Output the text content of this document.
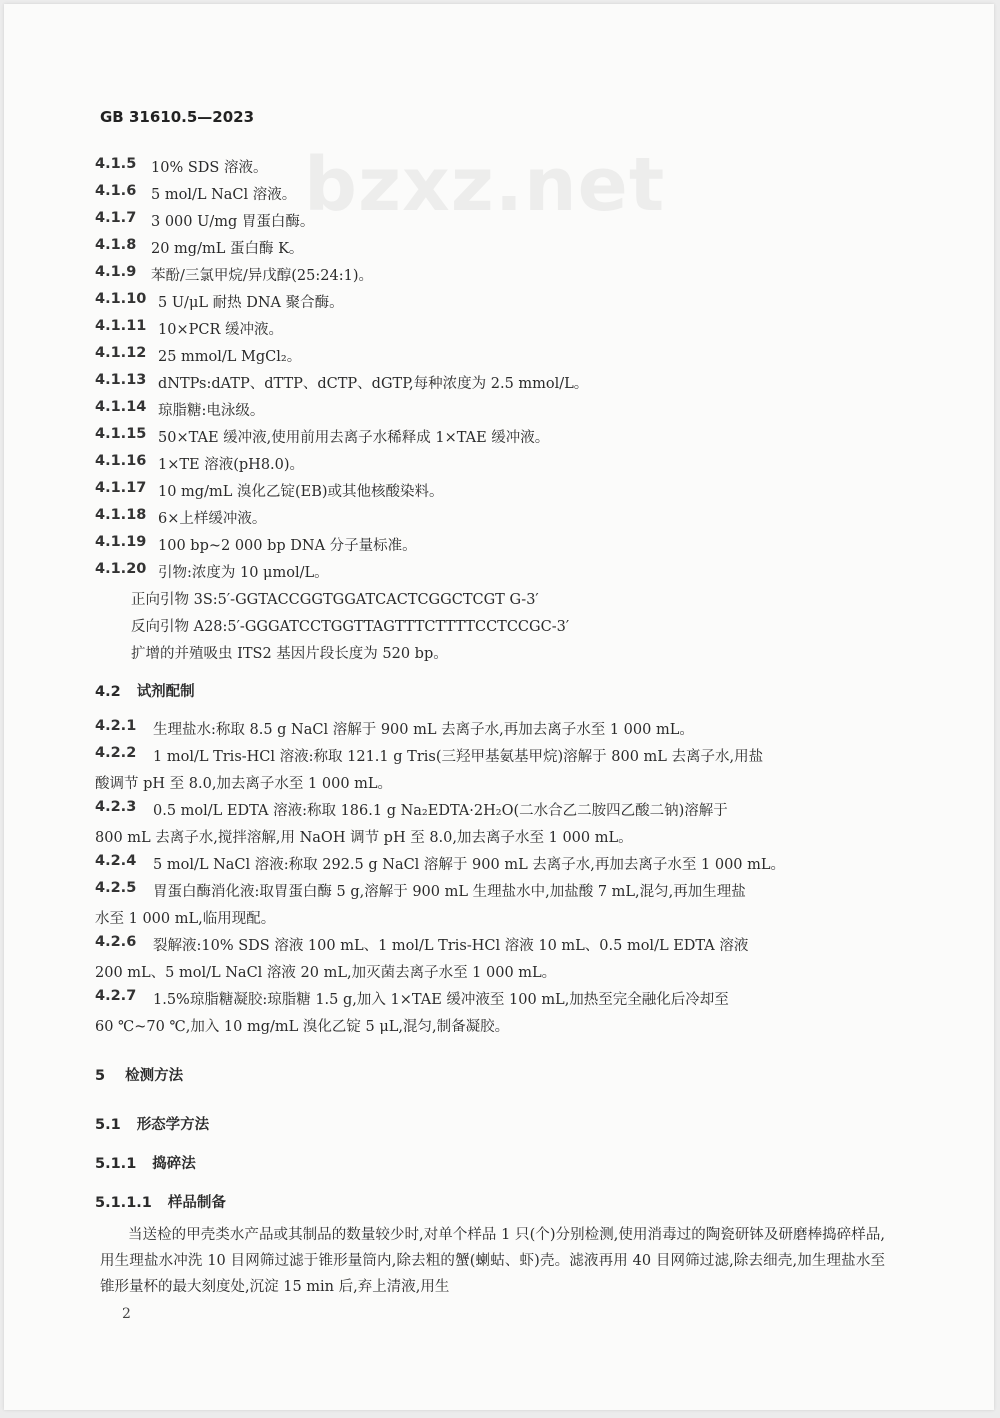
bzxz.net
GB 31610.5—2023
4.1.5 10% SDS 溶液。
4.1.6 5 mol/L NaCl 溶液。
4.1.7 3 000 U/mg 胃蛋白酶。
4.1.8 20 mg/mL 蛋白酶 K。
4.1.9 苯酚/三氯甲烷/异戊醇(25:24:1)。
4.1.10 5 U/μL 耐热 DNA 聚合酶。
4.1.11 10×PCR 缓冲液。
4.1.12 25 mmol/L MgCl₂。
4.1.13 dNTPs:dATP、dTTP、dCTP、dGTP,每种浓度为 2.5 mmol/L。
4.1.14 琼脂糖:电泳级。
4.1.15 50×TAE 缓冲液,使用前用去离子水稀释成 1×TAE 缓冲液。
4.1.16 1×TE 溶液(pH8.0)。
4.1.17 10 mg/mL 溴化乙锭(EB)或其他核酸染料。
4.1.18 6×上样缓冲液。
4.1.19 100 bp~2 000 bp DNA 分子量标准。
4.1.20 引物:浓度为 10 μmol/L。
正向引物 3S:5′-GGTACCGGTGGATCACTCGGCTCGT G-3′
反向引物 A28:5′-GGGATCCTGGTTAGTTTCTTTTCCTCCGC-3′
扩增的并殖吸虫 ITS2 基因片段长度为 520 bp。
4.2 试剂配制
4.2.1 生理盐水:称取 8.5 g NaCl 溶解于 900 mL 去离子水,再加去离子水至 1 000 mL。
4.2.2 1 mol/L Tris-HCl 溶液:称取 121.1 g Tris(三羟甲基氨基甲烷)溶解于 800 mL 去离子水,用盐
酸调节 pH 至 8.0,加去离子水至 1 000 mL。
4.2.3 0.5 mol/L EDTA 溶液:称取 186.1 g Na₂EDTA·2H₂O(二水合乙二胺四乙酸二钠)溶解于
800 mL 去离子水,搅拌溶解,用 NaOH 调节 pH 至 8.0,加去离子水至 1 000 mL。
4.2.4 5 mol/L NaCl 溶液:称取 292.5 g NaCl 溶解于 900 mL 去离子水,再加去离子水至 1 000 mL。
4.2.5 胃蛋白酶消化液:取胃蛋白酶 5 g,溶解于 900 mL 生理盐水中,加盐酸 7 mL,混匀,再加生理盐
水至 1 000 mL,临用现配。
4.2.6 裂解液:10% SDS 溶液 100 mL、1 mol/L Tris-HCl 溶液 10 mL、0.5 mol/L EDTA 溶液
200 mL、5 mol/L NaCl 溶液 20 mL,加灭菌去离子水至 1 000 mL。
4.2.7 1.5%琼脂糖凝胶:琼脂糖 1.5 g,加入 1×TAE 缓冲液至 100 mL,加热至完全融化后冷却至
60 ℃~70 ℃,加入 10 mg/mL 溴化乙锭 5 μL,混匀,制备凝胶。
5 检测方法
5.1 形态学方法
5.1.1 捣碎法
5.1.1.1 样品制备
当送检的甲壳类水产品或其制品的数量较少时,对单个样品 1 只(个)分别检测,使用消毒过的陶瓷研钵及研磨棒捣碎样品,用生理盐水冲洗 10 目网筛过滤于锥形量筒内,除去粗的蟹(蝲蛄、虾)壳。滤液再用 40 目网筛过滤,除去细壳,加生理盐水至锥形量杯的最大刻度处,沉淀 15 min 后,弃上清液,用生
2
